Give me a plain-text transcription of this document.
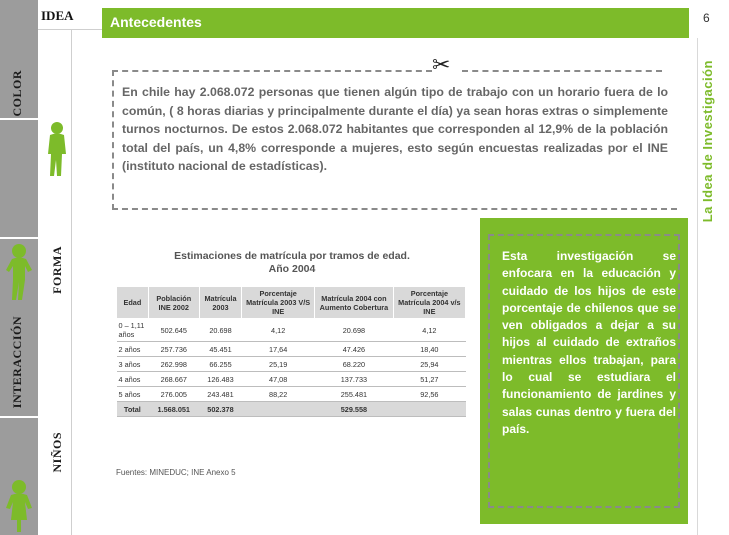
IDEA
COLOR
FORMA
INTERACCIÓN
NIÑOS
Antecedentes	6
La Idea de Investigación
✂
En chile hay 2.068.072 personas que tienen algún tipo de trabajo con un horario fuera de lo común, ( 8 horas diarias y principalmente durante el día) ya sean horas extras o simplemente turnos nocturnos. De estos 2.068.072 habitantes que corresponden al 12,9% de la población total del país, un 4,8% corresponde a mujeres, esto según encuestas realizadas por el INE (instituto nacional de estadísticas).
Esta investigación se enfocara en la educación y cuidado de los hijos de este porcentaje de chilenos que se ven obligados a dejar a su hijos al cuidado de extraños mientras ellos trabajan, para lo cual se estudiara el funcionamiento de jardines y salas cunas dentro y fuera del país.
Estimaciones de matrícula por tramos de edad.
Año 2004
Edad	Población INE 2002	Matrícula 2003	Porcentaje Matrícula 2003 V/S INE	Matrícula 2004 con Aumento Cobertura	Porcentaje Matrícula 2004 v/s INE
0 – 1,11 años	502.645	20.698	4,12	20.698	4,12
2 años	257.736	45.451	17,64	47.426	18,40
3 años	262.998	66.255	25,19	68.220	25,94
4 años	268.667	126.483	47,08	137.733	51,27
5 años	276.005	243.481	88,22	255.481	92,56
Total	1.568.051	502.378		529.558	
Fuentes: MINEDUC; INE Anexo 5
